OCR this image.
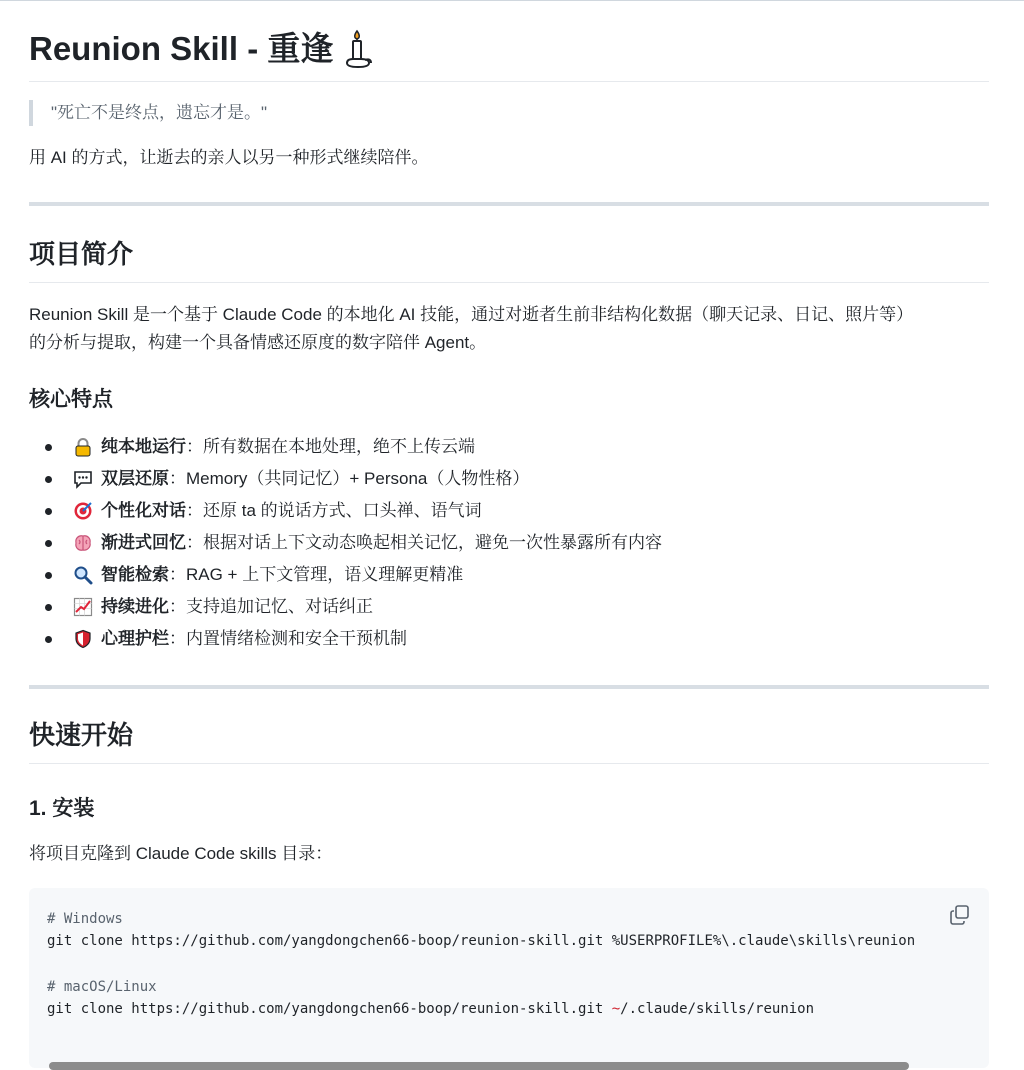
Reunion Skill - 重逢
"死亡不是终点，遗忘才是。"

用 AI 的方式，让逝去的亲人以另一种形式继续陪伴。

项目简介

Reunion Skill 是一个基于 Claude Code 的本地化 AI 技能，通过对逝者生前非结构化数据（聊天记录、日记、照片等）

的分析与提取，构建一个具备情感还原度的数字陪伴 Agent。

核心特点
纯本地运行 ：所有数据在本地处理，绝不上传云端
双层还原 ：Memory（共同记忆）+ Persona（人物性格）
个性化对话 ：还原 ta 的说话方式、口头禅、语气词
渐进式回忆 ：根据对话上下文动态唤起相关记忆，避免一次性暴露所有内容
智能检索 ：RAG + 上下文管理，语义理解更精准
持续进化 ：支持追加记忆、对话纠正
心理护栏 ：内置情绪检测和安全干预机制
快速开始
1. 安装

将项目克隆到 Claude Code skills 目录：

# Windows
git clone https://github.com/yangdongchen66-boop/reunion-skill.git %USERPROFILE%\.claude\skills\reunion
# macOS/Linux
git clone https://github.com/yangdongchen66-boop/reunion-skill.git ~/.claude/skills/reunion
